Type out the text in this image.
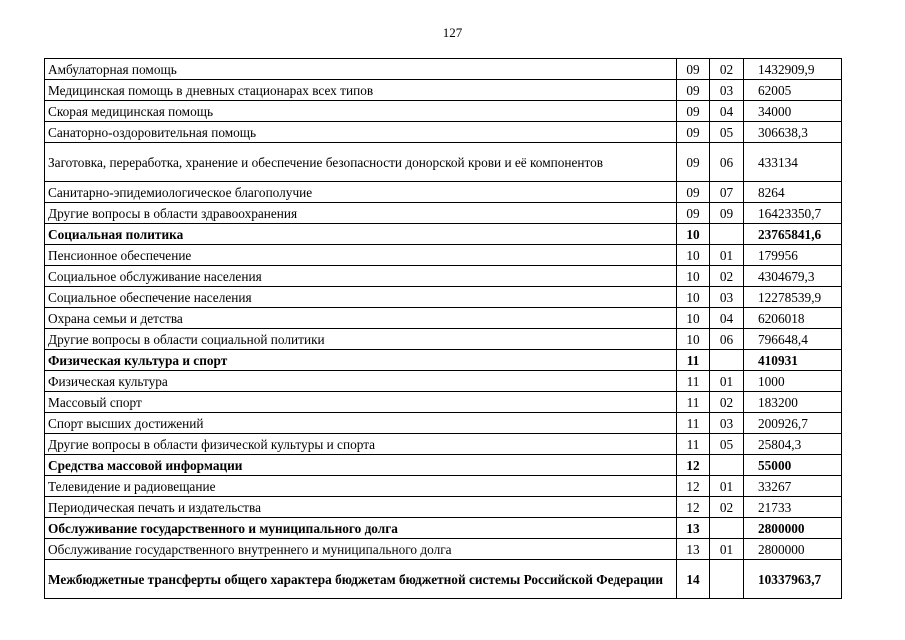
127
Амбулаторная помощь	09	02	1432909,9
Медицинская помощь в дневных стационарах всех типов	09	03	62005
Скорая медицинская помощь	09	04	34000
Санаторно-оздоровительная помощь	09	05	306638,3
Заготовка, переработка, хранение и обеспечение безопасности донорской крови и её компонентов	09	06	433134
Санитарно-эпидемиологическое благополучие	09	07	8264
Другие вопросы в области здравоохранения	09	09	16423350,7
Социальная политика	10		23765841,6
Пенсионное обеспечение	10	01	179956
Социальное обслуживание населения	10	02	4304679,3
Социальное обеспечение населения	10	03	12278539,9
Охрана семьи и детства	10	04	6206018
Другие вопросы в области социальной политики	10	06	796648,4
Физическая культура и спорт	11		410931
Физическая культура	11	01	1000
Массовый спорт	11	02	183200
Спорт высших достижений	11	03	200926,7
Другие вопросы в области физической культуры и спорта	11	05	25804,3
Средства массовой информации	12		55000
Телевидение и радиовещание	12	01	33267
Периодическая печать и издательства	12	02	21733
Обслуживание государственного и муниципального долга	13		2800000
Обслуживание государственного внутреннего и муниципального долга	13	01	2800000
Межбюджетные трансферты общего характера бюджетам бюджетной системы Российской Федерации	14		10337963,7
